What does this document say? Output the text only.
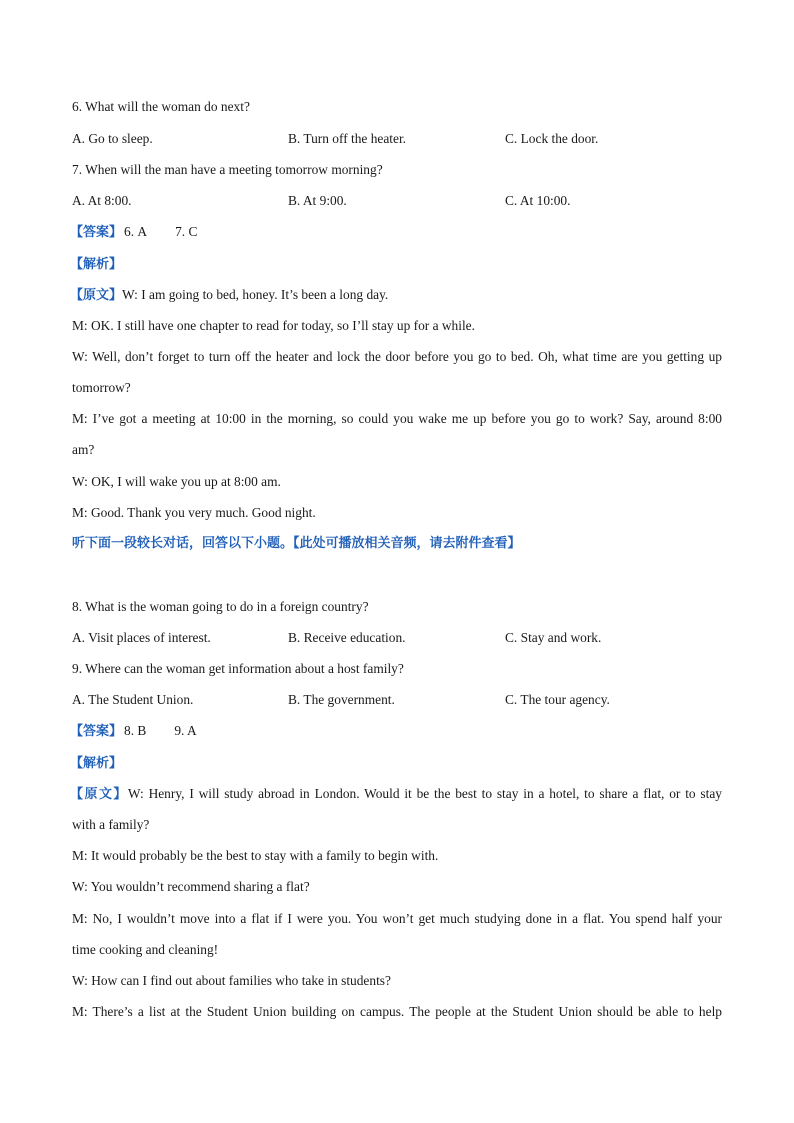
6. What will the woman do next?
A. Go to sleep.	B. Turn off the heater.	C. Lock the door.
7. When will the man have a meeting tomorrow morning?
A. At 8:00.	B. At 9:00.	C. At 10:00.
【答案】 6. A 7. C
【解析】
【原文】W: I am going to bed, honey. It’s been a long day.
M: OK. I still have one chapter to read for today, so I’ll stay up for a while.
W: Well, don’t forget to turn off the heater and lock the door before you go to bed. Oh, what time are you getting up
tomorrow?
M: I’ve got a meeting at 10:00 in the morning, so could you wake me up before you go to work? Say, around 8:00
am?
W: OK, I will wake you up at 8:00 am.
M: Good. Thank you very much. Good night.
听下面一段较长对话，回答以下小题。【此处可播放相关音频，请去附件查看】
8. What is the woman going to do in a foreign country?
A. Visit places of interest.	B. Receive education.	C. Stay and work.
9. Where can the woman get information about a host family?
A. The Student Union.	B. The government.	C. The tour agency.
【答案】 8. B 9. A
【解析】
【原文】W: Henry, I will study abroad in London. Would it be the best to stay in a hotel, to share a flat, or to stay
with a family?
M: It would probably be the best to stay with a family to begin with.
W: You wouldn’t recommend sharing a flat?
M: No, I wouldn’t move into a flat if I were you. You won’t get much studying done in a flat. You spend half your
time cooking and cleaning!
W: How can I find out about families who take in students?
M: There’s a list at the Student Union building on campus. The people at the Student Union should be able to help
